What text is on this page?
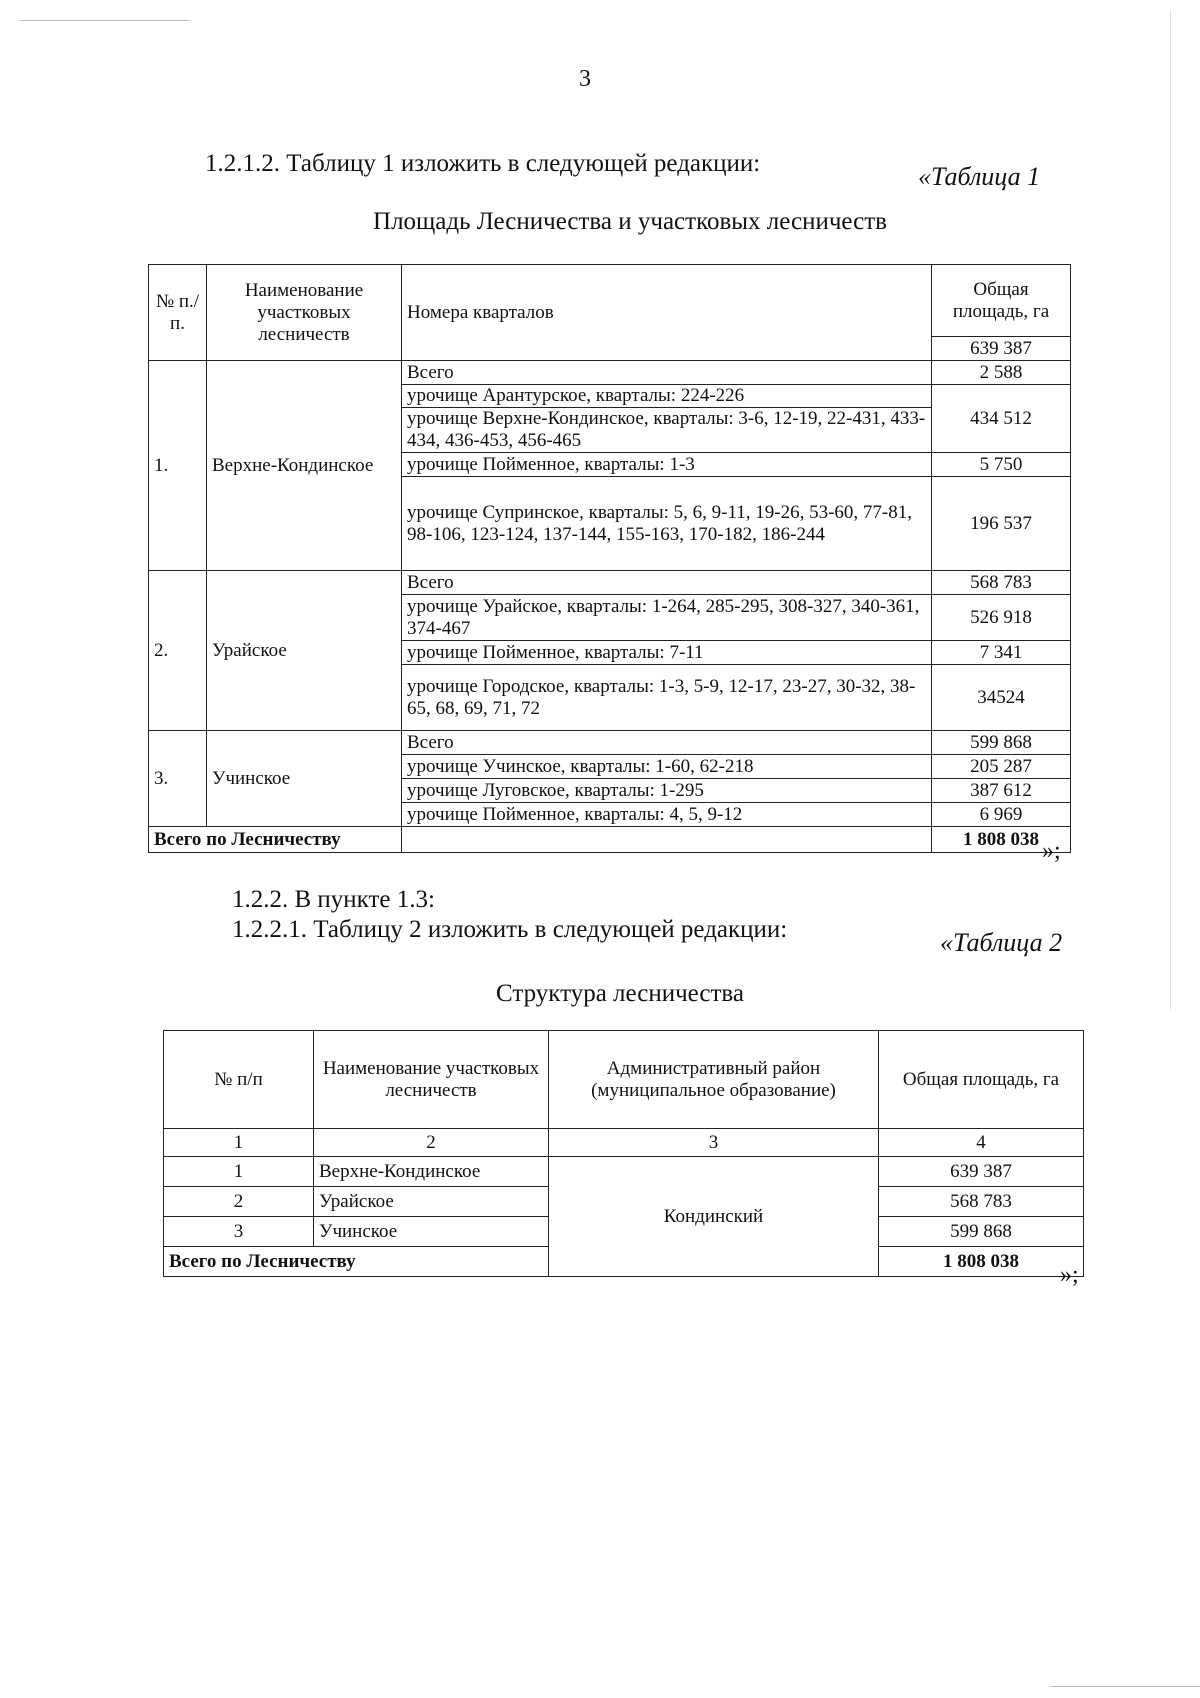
3
1.2.1.2. Таблицу 1 изложить в следующей редакции:	«Таблица 1
Площадь Лесничества и участковых лесничеств
№ п./п.	Наименование участковых лесничеств	Номера кварталов	Общая площадь, га
			639 387
1.	Верхне-Кондинское	Всего	2 588
		урочище Арантурское, кварталы: 224-226	434 512
		урочище Верхне-Кондинское, кварталы: 3-6, 12-19, 22-431, 433-434, 436-453, 456-465	
		урочище Пойменное, кварталы: 1-3	5 750
		урочище Супринское, кварталы: 5, 6, 9-11, 19-26, 53-60, 77-81, 98-106, 123-124, 137-144, 155-163, 170-182, 186-244	196 537
2.	Урайское	Всего	568 783
		урочище Урайское, кварталы: 1-264, 285-295, 308-327, 340-361, 374-467	526 918
		урочище Пойменное, кварталы: 7-11	7 341
		урочище Городское, кварталы: 1-3, 5-9, 12-17, 23-27, 30-32, 38-65, 68, 69, 71, 72	34524
3.	Учинское	Всего	599 868
		урочище Учинское, кварталы: 1-60, 62-218	205 287
		урочище Луговское, кварталы: 1-295	387 612
		урочище Пойменное, кварталы: 4, 5, 9-12	6 969
Всего по Лесничеству			1 808 038 »;
1.2.2. В пункте 1.3:
1.2.2.1. Таблицу 2 изложить в следующей редакции:	«Таблица 2
Структура лесничества
№ п/п	Наименование участковых лесничеств	Административный район (муниципальное образование)	Общая площадь, га
1	2	3	4
1	Верхне-Кондинское	Кондинский	639 387
2	Урайское		568 783
3	Учинское		599 868
Всего по Лесничеству			1 808 038
»;
